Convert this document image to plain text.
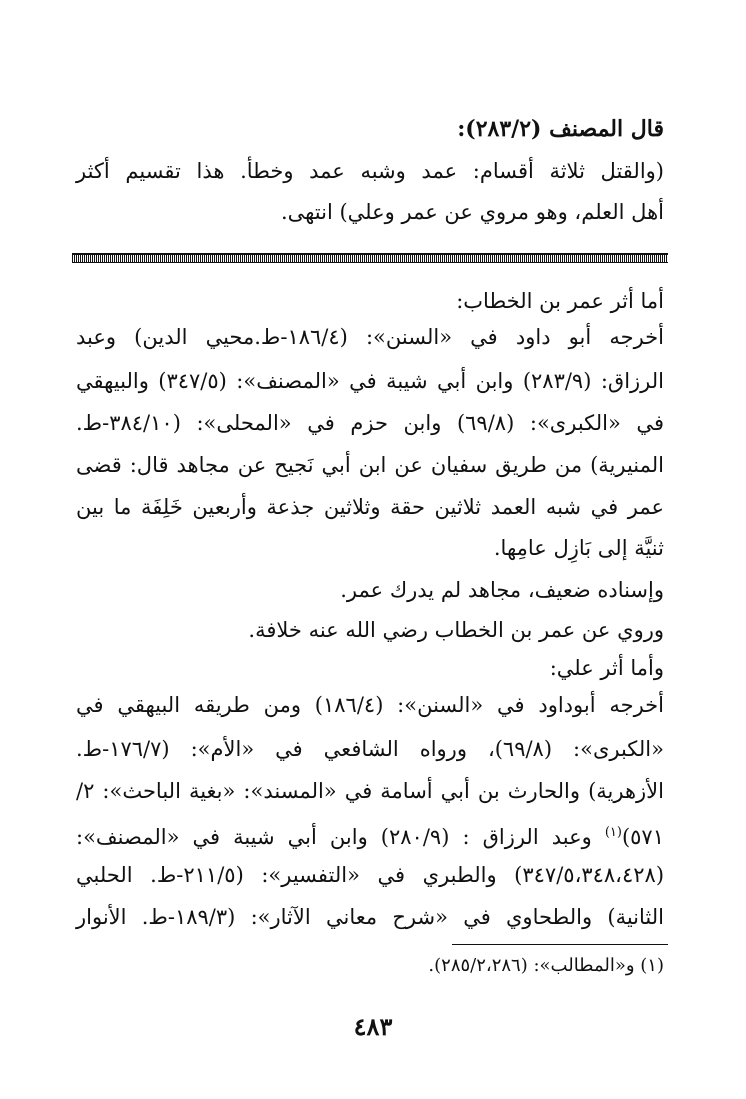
قال المصنف (٢٨٣/٢):
(والقتل ثلاثة أقسام: عمد وشبه عمد وخطأ. هذا تقسيم أكثر
أهل العلم، وهو مروي عن عمر وعلي) انتهى.
أما أثر عمر بن الخطاب:
أخرجه أبو داود في «السنن»: (١٨٦/٤-ط.محيي الدين) وعبد
الرزاق: (٢٨٣/٩) وابن أبي شيبة في «المصنف»: (٣٤٧/٥) والبيهقي
في «الكبرى»: (٦٩/٨) وابن حزم في «المحلى»: (٣٨٤/١٠-ط.
المنيرية) من طريق سفيان عن ابن أبي نَجيح عن مجاهد قال: قضى
عمر في شبه العمد ثلاثين حقة وثلاثين جذعة وأربعين خَلِفَة ما بين
ثنيَّة إلى بَازِل عامِها.
وإسناده ضعيف، مجاهد لم يدرك عمر.
وروي عن عمر بن الخطاب رضي الله عنه خلافة.
وأما أثر علي:
أخرجه أبوداود في «السنن»: (١٨٦/٤) ومن طريقه البيهقي في
«الكبرى»: (٦٩/٨)، ورواه الشافعي في «الأم»: (١٧٦/٧-ط.
الأزهرية) والحارث بن أبي أسامة في «المسند»: «بغية الباحث»: ٢/
٥٧١)$^{(١)}$ وعبد الرزاق : (٢٨٠/٩) وابن أبي شيبة في «المصنف»:
(٣٤٧/٥،٣٤٨،٤٢٨) والطبري في «التفسير»: (٢١١/٥-ط. الحلبي
الثانية) والطحاوي في «شرح معاني الآثار»: (١٨٩/٣-ط. الأنوار
(١) و«المطالب»: (٢٨٥/٢،٢٨٦).
٤٨٣
